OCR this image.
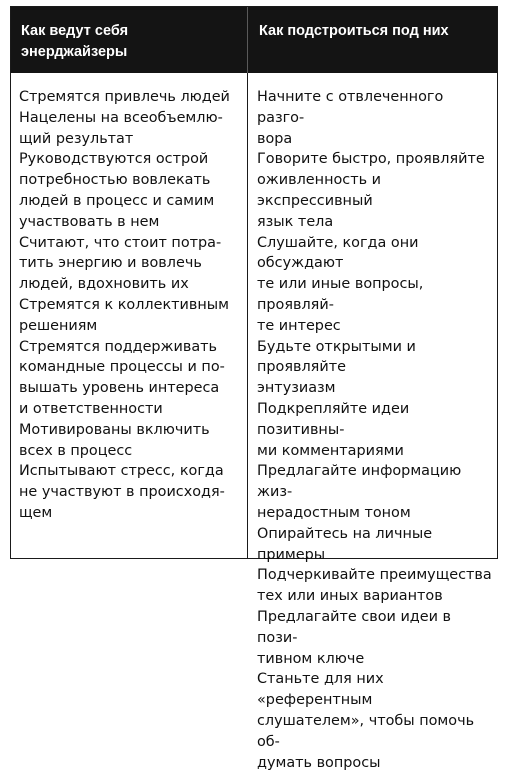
Как ведут себя
энерджайзеры
Как подстроиться под них
Стремятся привлечь людей
Нацелены на всеобъемлю-
щий результат
Руководствуются острой
потребностью вовлекать
людей в процесс и самим
участвовать в нем
Считают, что стоит потра-
тить энергию и вовлечь
людей, вдохновить их
Стремятся к коллективным
решениям
Стремятся поддерживать
командные процессы и по-
вышать уровень интереса
и ответственности
Мотивированы включить
всех в процесс
Испытывают стресс, когда
не участвуют в происходя-
щем
Начните с отвлеченного разго-
вора
Говорите быстро, проявляйте
оживленность и экспрессивный
язык тела
Слушайте, когда они обсуждают
те или иные вопросы, проявляй-
те интерес
Будьте открытыми и проявляйте
энтузиазм
Подкрепляйте идеи позитивны-
ми комментариями
Предлагайте информацию жиз-
нерадостным тоном
Опирайтесь на личные примеры
Подчеркивайте преимущества
тех или иных вариантов
Предлагайте свои идеи в пози-
тивном ключе
Станьте для них «референтным
слушателем», чтобы помочь об-
думать вопросы
